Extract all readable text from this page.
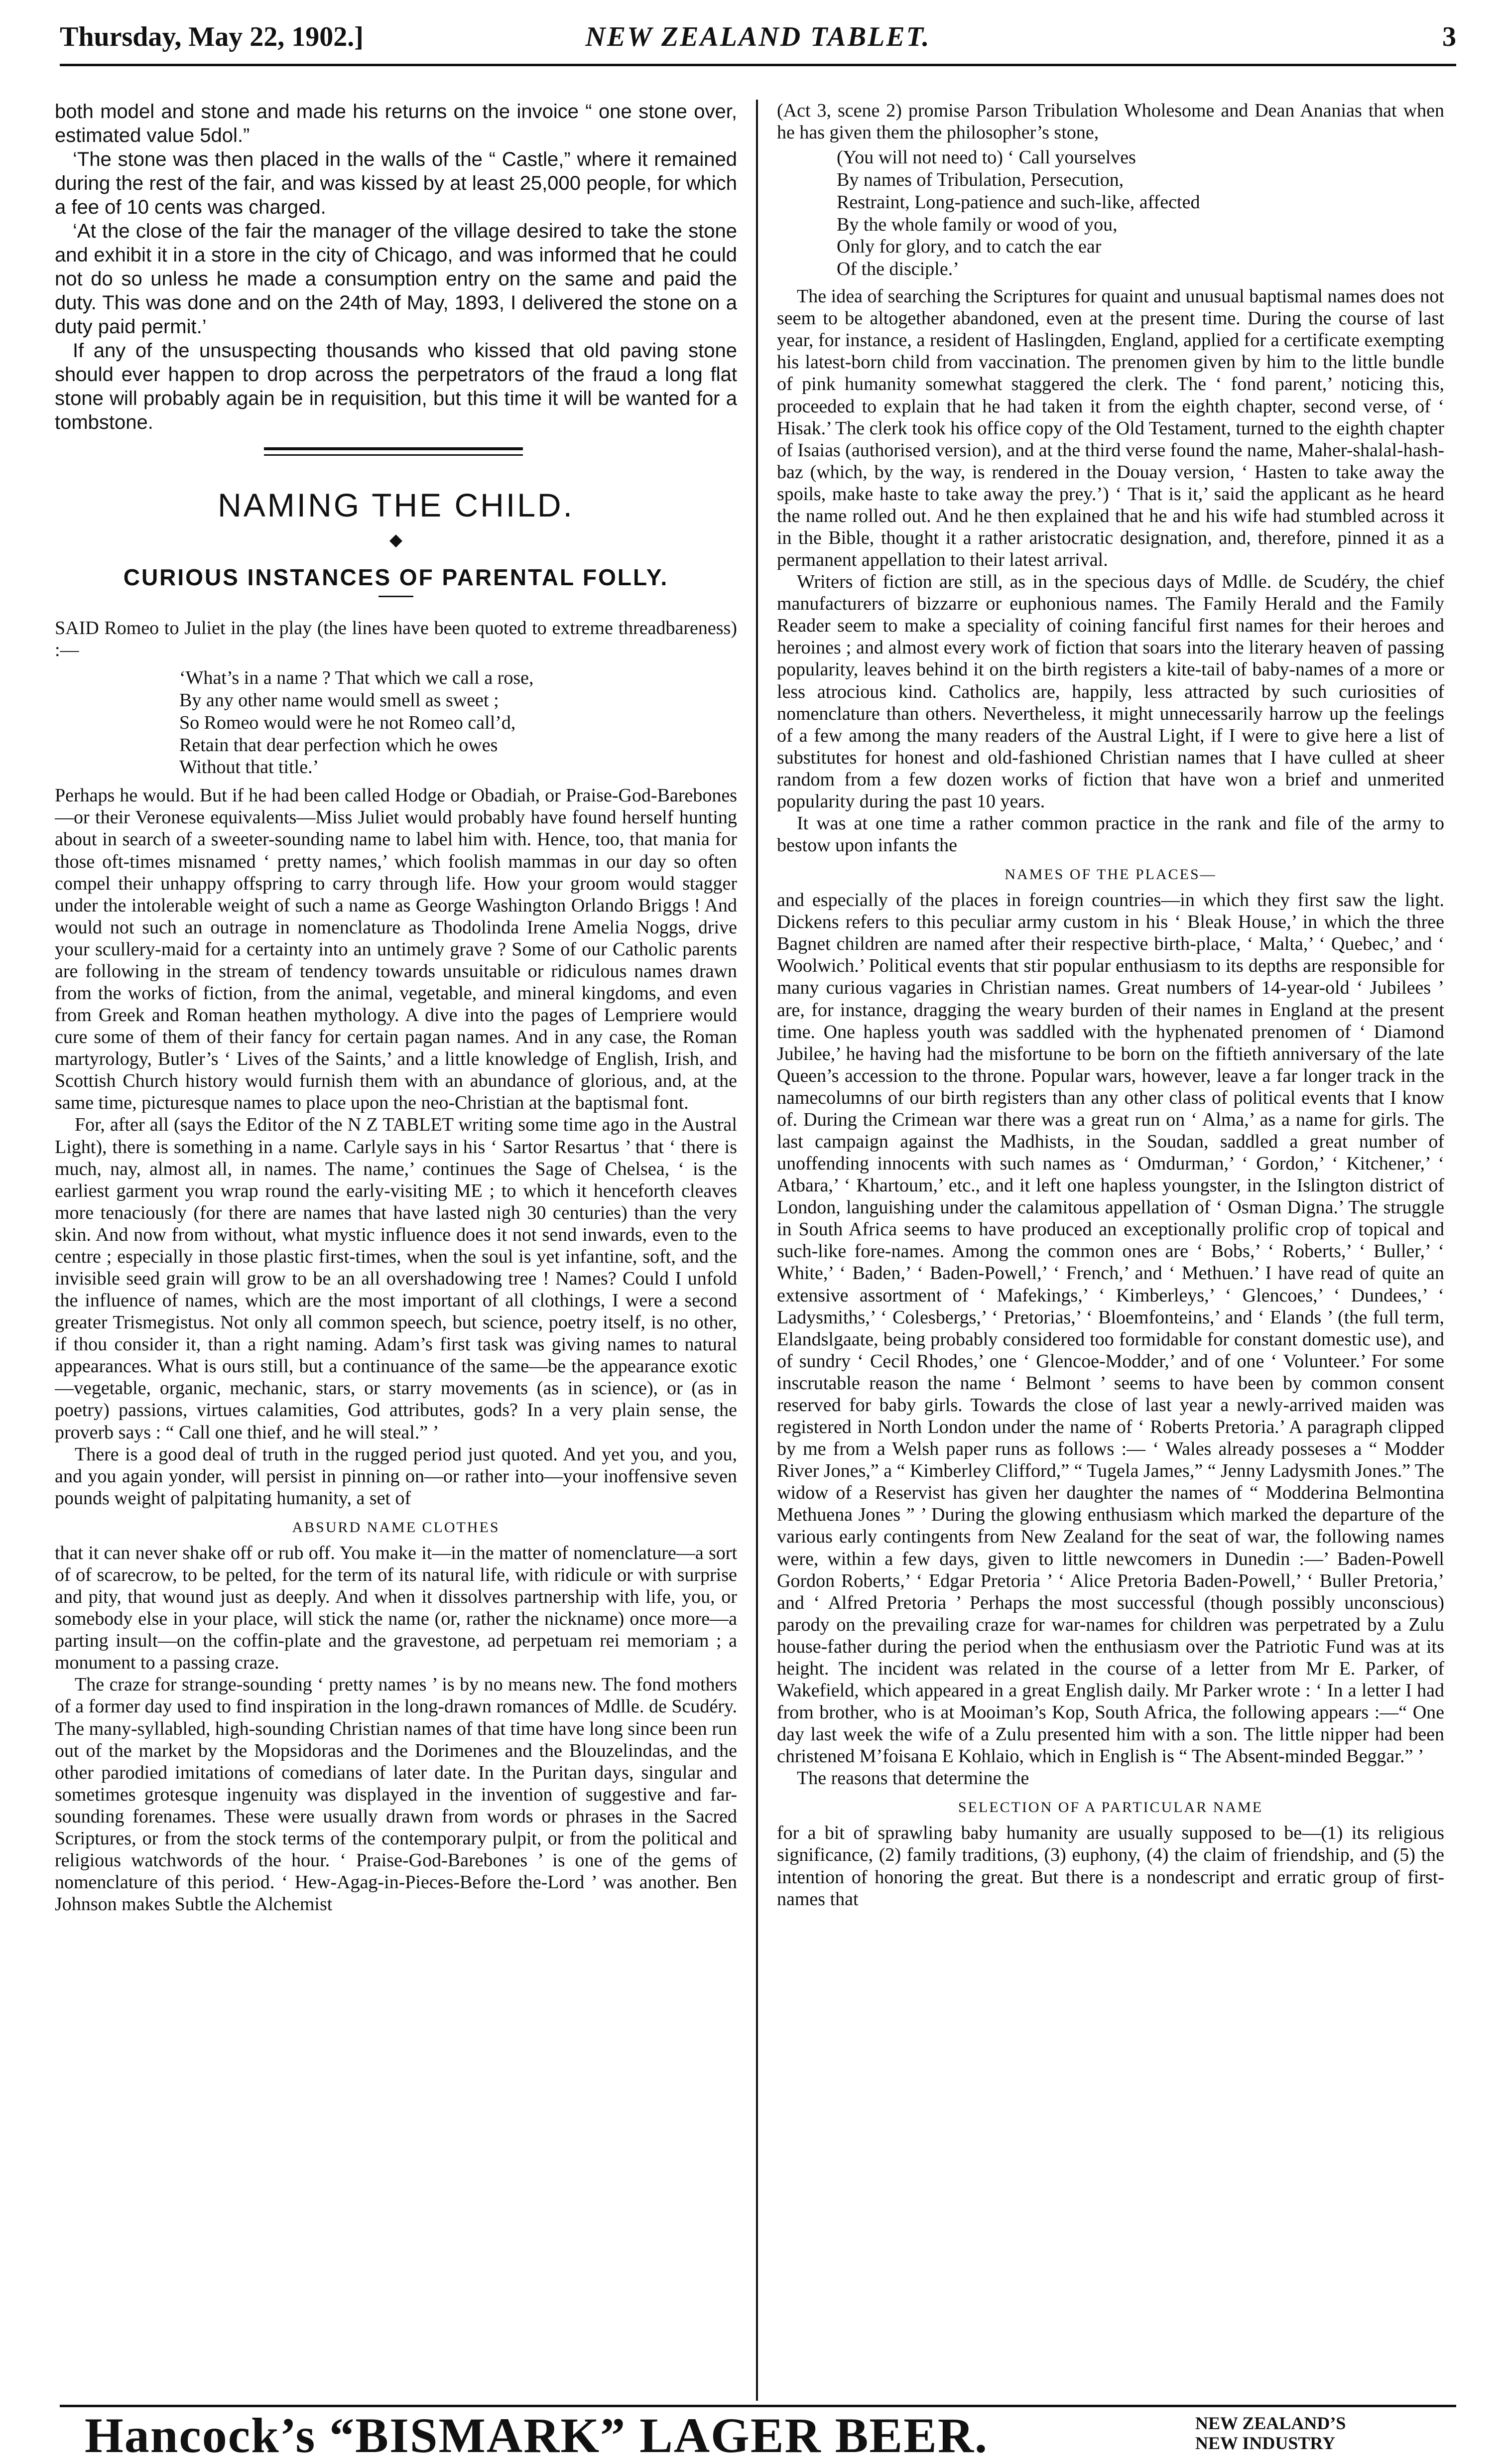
Thursday, May 22, 1902.]	NEW ZEALAND TABLET.	3

both model and stone and made his returns on the invoice “ one stone over, estimated value 5dol.”

‘The stone was then placed in the walls of the “ Castle,” where it remained during the rest of the fair, and was kissed by at least 25,000 people, for which a fee of 10 cents was charged.

‘At the close of the fair the manager of the village desired to take the stone and exhibit it in a store in the city of Chicago, and was informed that he could not do so unless he made a consumption entry on the same and paid the duty. This was done and on the 24th of May, 1893, I delivered the stone on a duty paid permit.’

If any of the unsuspecting thousands who kissed that old paving stone should ever happen to drop across the perpetrators of the fraud a long flat stone will probably again be in requisition, but this time it will be wanted for a tombstone.

NAMING THE CHILD.
◆
CURIOUS INSTANCES OF PARENTAL FOLLY.

SAID Romeo to Juliet in the play (the lines have been quoted to extreme threadbareness) :—

‘What’s in a name ? That which we call a rose,
By any other name would smell as sweet ;
So Romeo would were he not Romeo call’d,
Retain that dear perfection which he owes
Without that title.’

Perhaps he would. But if he had been called Hodge or Obadiah, or Praise-God-Barebones—or their Veronese equivalents—Miss Juliet would probably have found herself hunting about in search of a sweeter-sounding name to label him with. Hence, too, that mania for those oft-times misnamed ‘ pretty names,’ which foolish mammas in our day so often compel their unhappy offspring to carry through life. How your groom would stagger under the intolerable weight of such a name as George Washington Orlando Briggs ! And would not such an outrage in nomenclature as Thodolinda Irene Amelia Noggs, drive your scullery-maid for a certainty into an untimely grave ? Some of our Catholic parents are following in the stream of tendency towards unsuitable or ridiculous names drawn from the works of fiction, from the animal, vegetable, and mineral kingdoms, and even from Greek and Roman heathen mythology. A dive into the pages of Lempriere would cure some of them of their fancy for certain pagan names. And in any case, the Roman martyrology, Butler’s ‘ Lives of the Saints,’ and a little knowledge of English, Irish, and Scottish Church history would furnish them with an abundance of glorious, and, at the same time, picturesque names to place upon the neo-Christian at the baptismal font.

For, after all (says the Editor of the N Z TABLET writing some time ago in the Austral Light), there is something in a name. Carlyle says in his ‘ Sartor Resartus ’ that ‘ there is much, nay, almost all, in names. The name,’ continues the Sage of Chelsea, ‘ is the earliest garment you wrap round the early-visiting ME ; to which it henceforth cleaves more tenaciously (for there are names that have lasted nigh 30 centuries) than the very skin. And now from without, what mystic influence does it not send inwards, even to the centre ; especially in those plastic first-times, when the soul is yet infantine, soft, and the invisible seed grain will grow to be an all overshadowing tree ! Names? Could I unfold the influence of names, which are the most important of all clothings, I were a second greater Trismegistus. Not only all common speech, but science, poetry itself, is no other, if thou consider it, than a right naming. Adam’s first task was giving names to natural appearances. What is ours still, but a continuance of the same—be the appearance exotic—vegetable, organic, mechanic, stars, or starry movements (as in science), or (as in poetry) passions, virtues calamities, God attributes, gods? In a very plain sense, the proverb says : “ Call one thief, and he will steal.” ’

There is a good deal of truth in the rugged period just quoted. And yet you, and you, and you again yonder, will persist in pinning on—or rather into—your inoffensive seven pounds weight of palpitating humanity, a set of

ABSURD NAME CLOTHES

that it can never shake off or rub off. You make it—in the matter of nomenclature—a sort of of scarecrow, to be pelted, for the term of its natural life, with ridicule or with surprise and pity, that wound just as deeply. And when it dissolves partnership with life, you, or somebody else in your place, will stick the name (or, rather the nickname) once more—a parting insult—on the coffin-plate and the gravestone, ad perpetuam rei memoriam ; a monument to a passing craze.

The craze for strange-sounding ‘ pretty names ’ is by no means new. The fond mothers of a former day used to find inspiration in the long-drawn romances of Mdlle. de Scudéry. The many-syllabled, high-sounding Christian names of that time have long since been run out of the market by the Mopsidoras and the Dorimenes and the Blouzelindas, and the other parodied imitations of comedians of later date. In the Puritan days, singular and sometimes grotesque ingenuity was displayed in the invention of suggestive and far-sounding forenames. These were usually drawn from words or phrases in the Sacred Scriptures, or from the stock terms of the contemporary pulpit, or from the political and religious watchwords of the hour. ‘ Praise-God-Barebones ’ is one of the gems of nomenclature of this period. ‘ Hew-Agag-in-Pieces-Before the-Lord ’ was another. Ben Johnson makes Subtle the Alchemist

(Act 3, scene 2) promise Parson Tribulation Wholesome and Dean Ananias that when he has given them the philosopher’s stone,

(You will not need to) ‘ Call yourselves
By names of Tribulation, Persecution,
Restraint, Long-patience and such-like, affected
By the whole family or wood of you,
Only for glory, and to catch the ear
Of the disciple.’

The idea of searching the Scriptures for quaint and unusual baptismal names does not seem to be altogether abandoned, even at the present time. During the course of last year, for instance, a resident of Haslingden, England, applied for a certificate exempting his latest-born child from vaccination. The prenomen given by him to the little bundle of pink humanity somewhat staggered the clerk. The ‘ fond parent,’ noticing this, proceeded to explain that he had taken it from the eighth chapter, second verse, of ‘ Hisak.’ The clerk took his office copy of the Old Testament, turned to the eighth chapter of Isaias (authorised version), and at the third verse found the name, Maher-shalal-hash-baz (which, by the way, is rendered in the Douay version, ‘ Hasten to take away the spoils, make haste to take away the prey.’) ‘ That is it,’ said the applicant as he heard the name rolled out. And he then explained that he and his wife had stumbled across it in the Bible, thought it a rather aristocratic designation, and, therefore, pinned it as a permanent appellation to their latest arrival.

Writers of fiction are still, as in the specious days of Mdlle. de Scudéry, the chief manufacturers of bizzarre or euphonious names. The Family Herald and the Family Reader seem to make a speciality of coining fanciful first names for their heroes and heroines ; and almost every work of fiction that soars into the literary heaven of passing popularity, leaves behind it on the birth registers a kite-tail of baby-names of a more or less atrocious kind. Catholics are, happily, less attracted by such curiosities of nomenclature than others. Nevertheless, it might unnecessarily harrow up the feelings of a few among the many readers of the Austral Light, if I were to give here a list of substitutes for honest and old-fashioned Christian names that I have culled at sheer random from a few dozen works of fiction that have won a brief and unmerited popularity during the past 10 years.

It was at one time a rather common practice in the rank and file of the army to bestow upon infants the

NAMES OF THE PLACES—

and especially of the places in foreign countries—in which they first saw the light. Dickens refers to this peculiar army custom in his ‘ Bleak House,’ in which the three Bagnet children are named after their respective birth-place, ‘ Malta,’ ‘ Quebec,’ and ‘ Woolwich.’ Political events that stir popular enthusiasm to its depths are responsible for many curious vagaries in Christian names. Great numbers of 14-year-old ‘ Jubilees ’ are, for instance, dragging the weary burden of their names in England at the present time. One hapless youth was saddled with the hyphenated prenomen of ‘ Diamond Jubilee,’ he having had the misfortune to be born on the fiftieth anniversary of the late Queen’s accession to the throne. Popular wars, however, leave a far longer track in the namecolumns of our birth registers than any other class of political events that I know of. During the Crimean war there was a great run on ‘ Alma,’ as a name for girls. The last campaign against the Madhists, in the Soudan, saddled a great number of unoffending innocents with such names as ‘ Omdurman,’ ‘ Gordon,’ ‘ Kitchener,’ ‘ Atbara,’ ‘ Khartoum,’ etc., and it left one hapless youngster, in the Islington district of London, languishing under the calamitous appellation of ‘ Osman Digna.’ The struggle in South Africa seems to have produced an exceptionally prolific crop of topical and such-like fore-names. Among the common ones are ‘ Bobs,’ ‘ Roberts,’ ‘ Buller,’ ‘ White,’ ‘ Baden,’ ‘ Baden-Powell,’ ‘ French,’ and ‘ Methuen.’ I have read of quite an extensive assortment of ‘ Mafekings,’ ‘ Kimberleys,’ ‘ Glencoes,’ ‘ Dundees,’ ‘ Ladysmiths,’ ‘ Colesbergs,’ ‘ Pretorias,’ ‘ Bloemfonteins,’ and ‘ Elands ’ (the full term, Elandslgaate, being probably considered too formidable for constant domestic use), and of sundry ‘ Cecil Rhodes,’ one ‘ Glencoe-Modder,’ and of one ‘ Volunteer.’ For some inscrutable reason the name ‘ Belmont ’ seems to have been by common consent reserved for baby girls. Towards the close of last year a newly-arrived maiden was registered in North London under the name of ‘ Roberts Pretoria.’ A paragraph clipped by me from a Welsh paper runs as follows :— ‘ Wales already posseses a “ Modder River Jones,” a “ Kimberley Clifford,” “ Tugela James,” “ Jenny Ladysmith Jones.” The widow of a Reservist has given her daughter the names of “ Modderina Belmontina Methuena Jones ” ’ During the glowing enthusiasm which marked the departure of the various early contingents from New Zealand for the seat of war, the following names were, within a few days, given to little newcomers in Dunedin :—’ Baden-Powell Gordon Roberts,’ ‘ Edgar Pretoria ’ ‘ Alice Pretoria Baden-Powell,’ ‘ Buller Pretoria,’ and ‘ Alfred Pretoria ’ Perhaps the most successful (though possibly unconscious) parody on the prevailing craze for war-names for children was perpetrated by a Zulu house-father during the period when the enthusiasm over the Patriotic Fund was at its height. The incident was related in the course of a letter from Mr E. Parker, of Wakefield, which appeared in a great English daily. Mr Parker wrote : ‘ In a letter I had from brother, who is at Mooiman’s Kop, South Africa, the following appears :—“ One day last week the wife of a Zulu presented him with a son. The little nipper had been christened M’foisana E Kohlaio, which in English is “ The Absent-minded Beggar.” ’

The reasons that determine the

SELECTION OF A PARTICULAR NAME

for a bit of sprawling baby humanity are usually supposed to be—(1) its religious significance, (2) family traditions, (3) euphony, (4) the claim of friendship, and (5) the intention of honoring the great. But there is a nondescript and erratic group of first-names that

Hancock’s “BISMARK” LAGER BEER.	NEW ZEALAND’S
NEW INDUSTRY
